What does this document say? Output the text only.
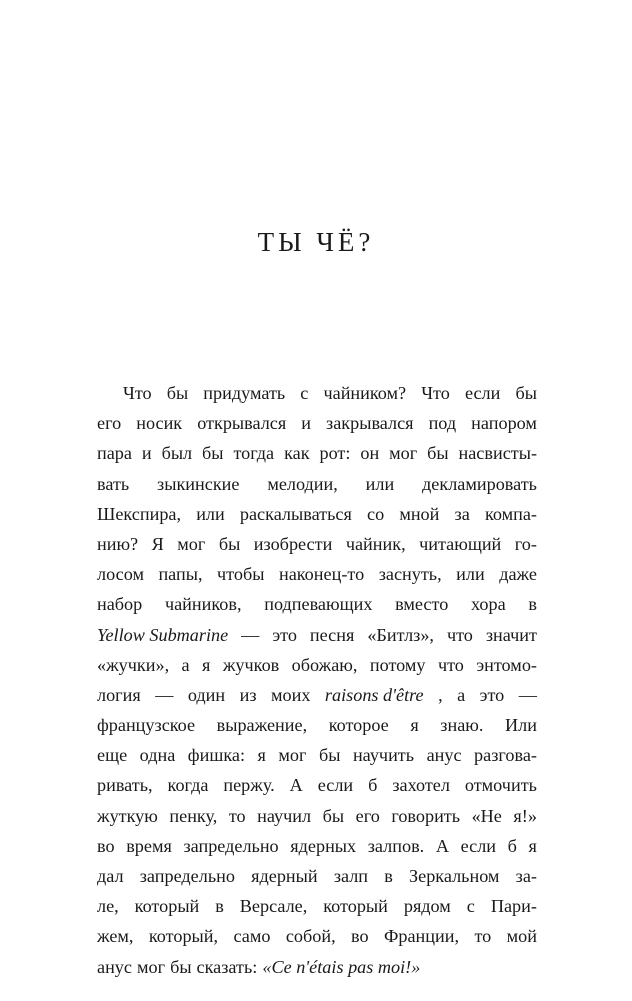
ТЫ ЧЁ?
Что бы придумать с чайником? Что если бы
его носик открывался и закрывался под напором
пара и был бы тогда как рот: он мог бы насвисты-
вать зыкинские мелодии, или декламировать
Шекспира, или раскалываться со мной за компа-
нию? Я мог бы изобрести чайник, читающий го-
лосом папы, чтобы наконец-то заснуть, или даже
набор чайников, подпевающих вместо хора в
Yellow Submarine — это песня «Битлз», что значит
«жучки», а я жучков обожаю, потому что энтомо-
логия — один из моих raisons d'être , а это —
французское выражение, которое я знаю. Или
еще одна фишка: я мог бы научить анус разгова-
ривать, когда пержу. А если б захотел отмочить
жуткую пенку, то научил бы его говорить «Не я!»
во время запредельно ядерных залпов. А если б я
дал запредельно ядерный залп в Зеркальном за-
ле, который в Версале, который рядом с Пари-
жем, который, само собой, во Франции, то мой
анус мог бы сказать: «Ce n'étais pas moi!»
